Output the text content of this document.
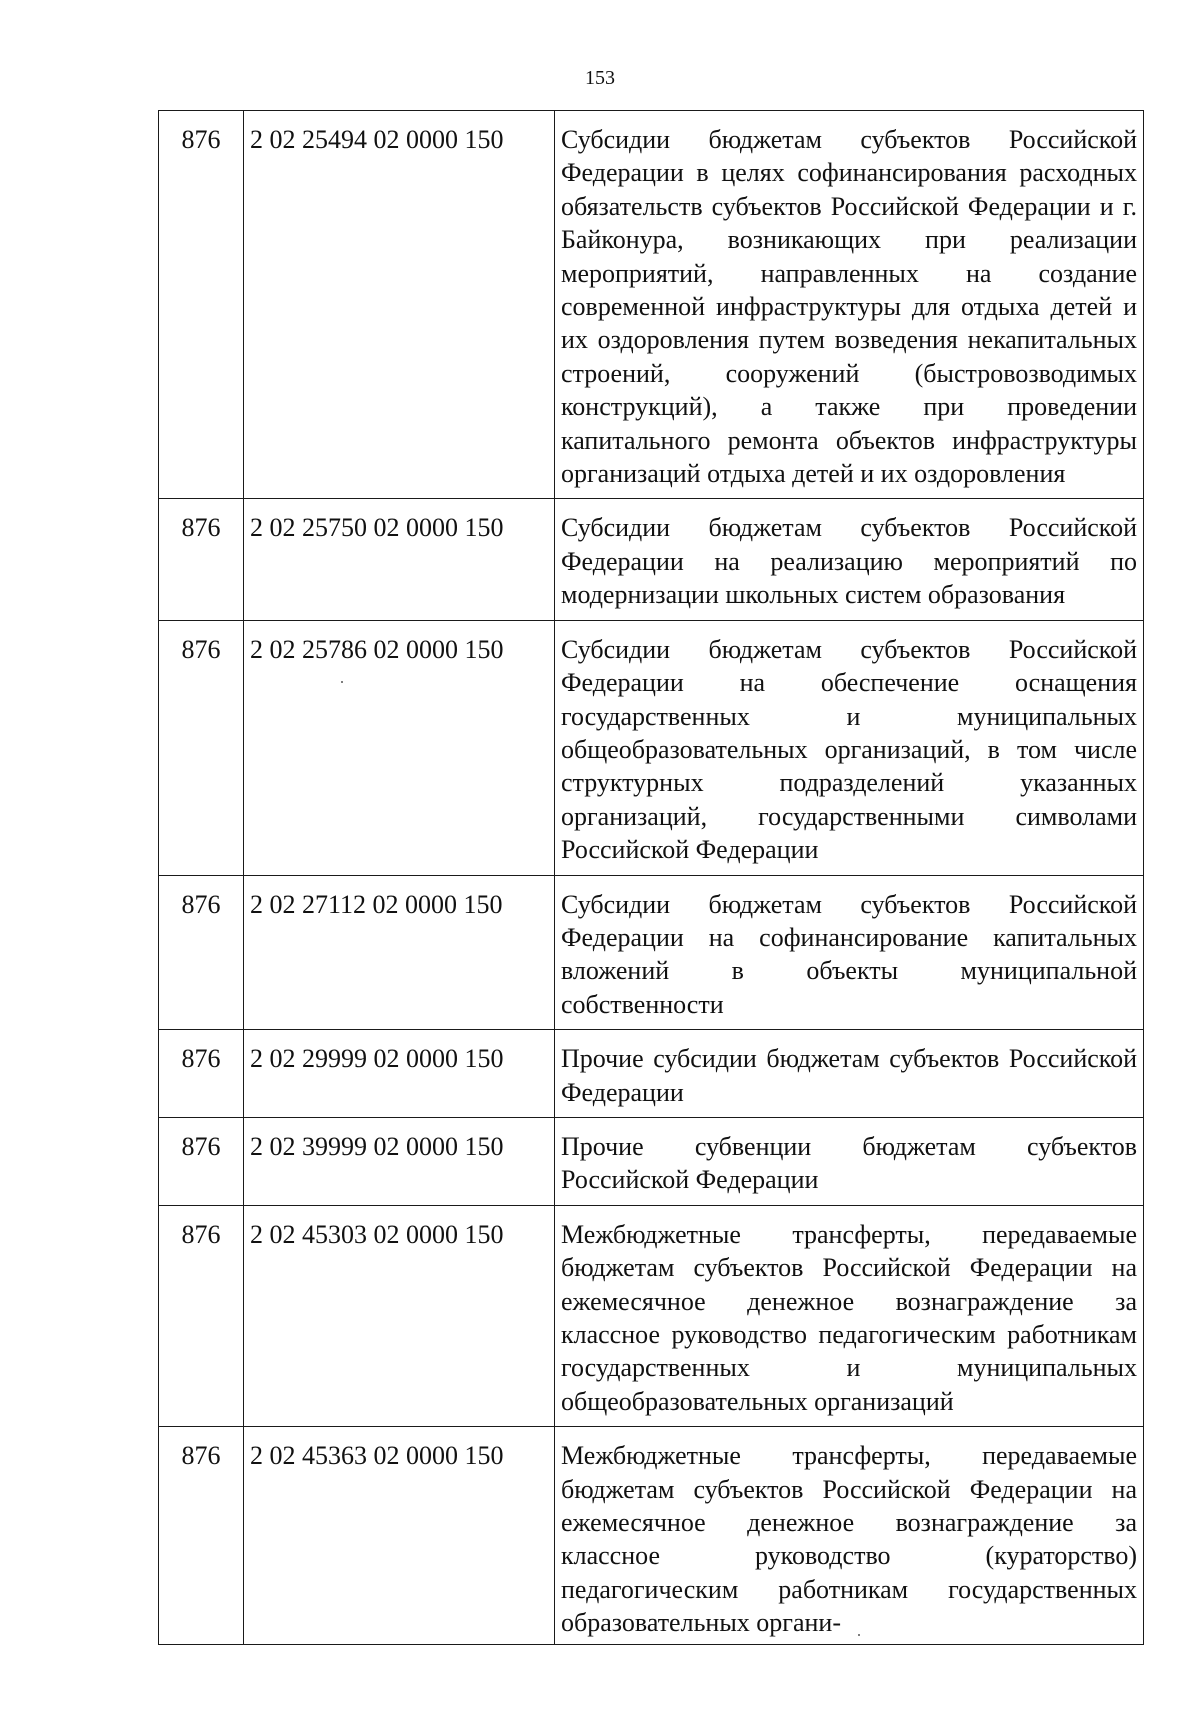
153
876	2 02 25494 02 0000 150	Субсидии бюджетам субъектов Российской Федерации в целях софинансирования расходных обязательств субъектов Российской Федерации и г. Байконура, возникающих при реализации мероприятий, направленных на создание современной инфраструктуры для отдыха детей и их оздоровления путем возведения некапитальных строений, сооружений (быстровозводимых конструкций), а также при проведении капитального ремонта объектов инфраструктуры организаций отдыха детей и их оздоровления
876	2 02 25750 02 0000 150	Субсидии бюджетам субъектов Российской Федерации на реализацию мероприятий по модернизации школьных систем образования
876	2 02 25786 02 0000 150	Субсидии бюджетам субъектов Российской Федерации на обеспечение оснащения государственных и муниципальных общеобразовательных организаций, в том числе структурных подразделений указанных организаций, государственными символами Российской Федерации
876	2 02 27112 02 0000 150	Субсидии бюджетам субъектов Российской Федерации на софинансирование капитальных вложений в объекты муниципальной собственности
876	2 02 29999 02 0000 150	Прочие субсидии бюджетам субъектов Российской Федерации
876	2 02 39999 02 0000 150	Прочие субвенции бюджетам субъектов Российской Федерации
876	2 02 45303 02 0000 150	Межбюджетные трансферты, передаваемые бюджетам субъектов Российской Федерации на ежемесячное денежное вознаграждение за классное руководство педагогическим работникам государственных и муниципальных общеобразовательных организаций
876	2 02 45363 02 0000 150	Межбюджетные трансферты, передаваемые бюджетам субъектов Российской Федерации на ежемесячное денежное вознаграждение за классное руководство (кураторство) педагогическим работникам государственных образовательных органи-
